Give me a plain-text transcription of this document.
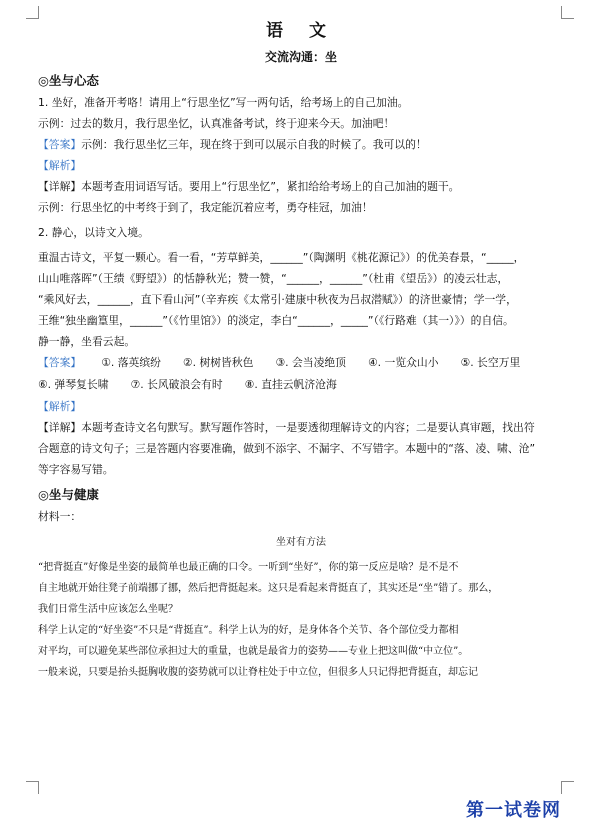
语 文

交流沟通：坐

◎坐与心态

1. 坐好，准备开考咯！请用上“行思坐忆”写一两句话，给考场上的自己加油。

示例：过去的数月，我行思坐忆，认真准备考试，终于迎来今天。加油吧！

【答案】示例：我行思坐忆三年，现在终于到可以展示自我的时候了。我可以的！

【解析】

【详解】本题考查用词语写话。要用上“行思坐忆”，紧扣给给考场上的自己加油的题干。

示例：行思坐忆的中考终于到了，我定能沉着应考，勇夺桂冠，加油！

2. 静心，以诗文入境。

重温古诗文，平复一颗心。看一看，“芳草鲜美，______”（陶渊明《桃花源记》）的优美春景，“_____，

山山唯落晖”（王绩《野望》）的恬静秋光；赞一赞，“______，______”（杜甫《望岳》）的凌云壮志，

“乘风好去，______，直下看山河”（辛弃疾《太常引·建康中秋夜为吕叔潜赋》）的济世豪情；学一学，

王维“独坐幽篁里，______”（《竹里馆》）的淡定，李白“______，_____”（《行路难（其一）》）的自信。

静一静，坐看云起。

【答案】 ①. 落英缤纷 ②. 树树皆秋色 ③. 会当凌绝顶 ④. 一览众山小 ⑤. 长空万里
⑥. 弹琴复长啸 ⑦. 长风破浪会有时 ⑧. 直挂云帆济沧海

【解析】

【详解】本题考查诗文名句默写。默写题作答时，一是要透彻理解诗文的内容；二是要认真审题，找出符

合题意的诗文句子；三是答题内容要准确，做到不添字、不漏字、不写错字。本题中的“落、凌、啸、沧”

等字容易写错。

◎坐与健康

材料一：

坐对有方法

“把背挺直”好像是坐姿的最简单也最正确的口令。一听到“坐好”，你的第一反应是啥？是不是不

自主地就开始往凳子前端挪了挪，然后把背挺起来。这只是看起来背挺直了，其实还是“坐”错了。那么，

我们日常生活中应该怎么坐呢？

科学上认定的“好坐姿”不只是“背挺直”。科学上认为的好，是身体各个关节、各个部位受力都相

对平均，可以避免某些部位承担过大的重量，也就是最省力的姿势——专业上把这叫做“中立位”。

一般来说，只要是抬头挺胸收腹的姿势就可以让脊柱处于中立位，但很多人只记得把背挺直，却忘记

第一试卷网
